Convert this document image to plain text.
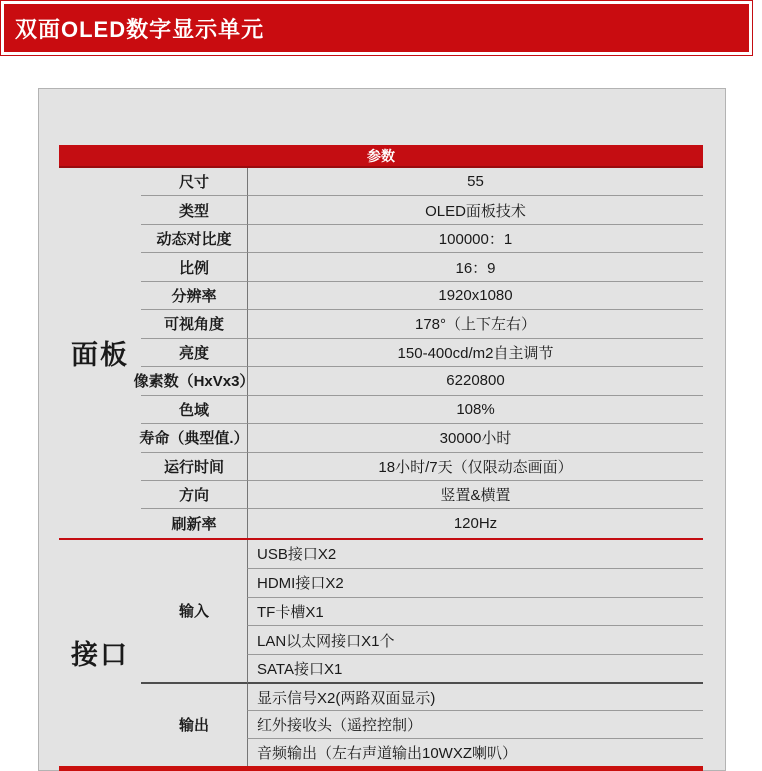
双面OLED数字显示单元
参数
面板
尺寸	55
类型	OLED面板技术
动态对比度	100000：1
比例	16：9
分辨率	1920x1080
可视角度	178°（上下左右）
亮度	150-400cd/m2自主调节
像素数（HxVx3）	6220800
色域	108%
寿命（典型值.）	30000小时
运行时间	18小时/7天（仅限动态画面）
方向	竖置&横置
刷新率	120Hz
接口
输入
USB接口X2
HDMI接口X2
TF卡槽X1
LAN以太网接口X1个
SATA接口X1
输出
显示信号X2(两路双面显示)
红外接收头（遥控控制）
音频输出（左右声道输出10WXZ喇叭）
